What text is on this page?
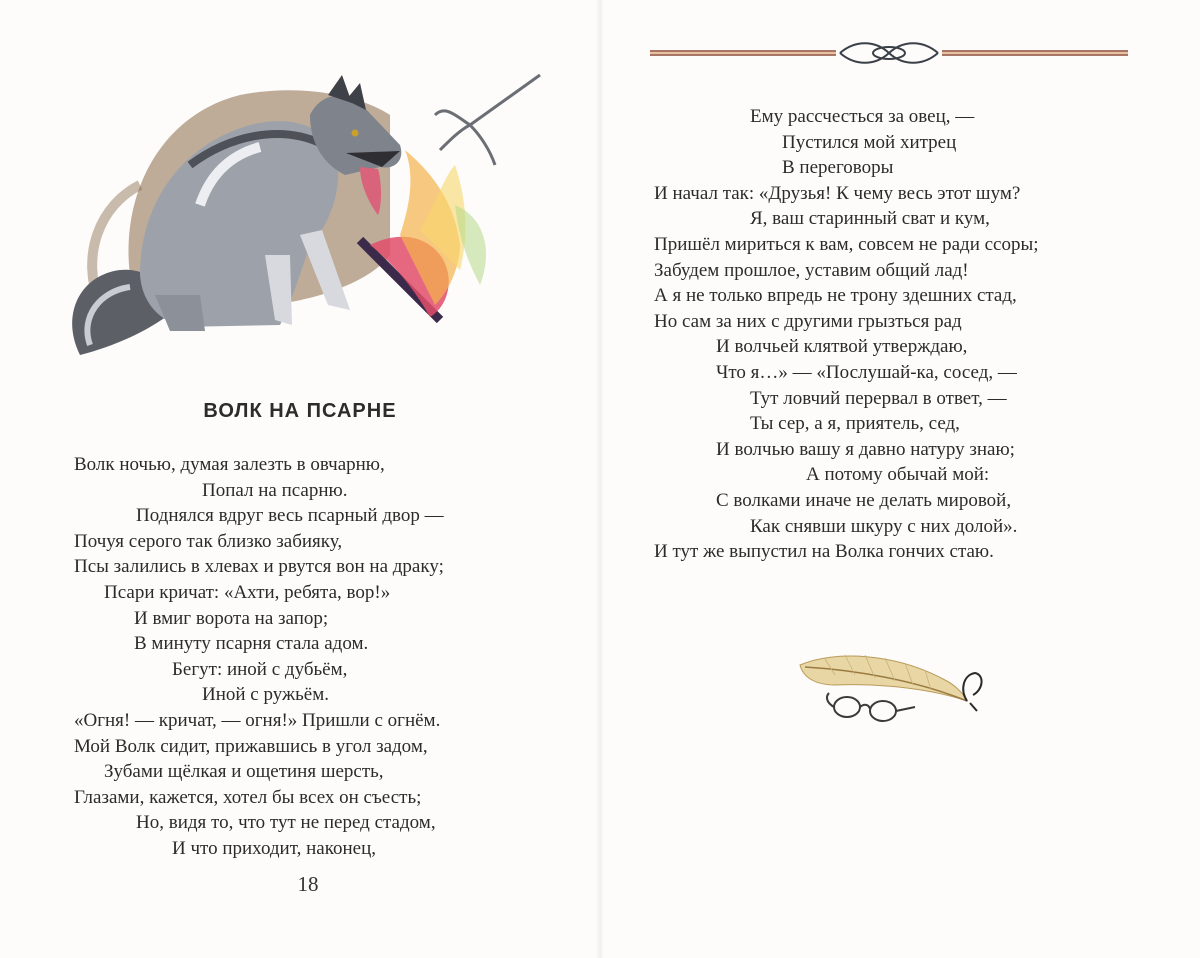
ВОЛК НА ПСАРНЕ
Волк ночью, думая залезть в овчарню,
Попал на псарню.
Поднялся вдруг весь псарный двор —
Почуя серого так близко забияку,
Псы залились в хлевах и рвутся вон на драку;
Псари кричат: «Ахти, ребята, вор!»
И вмиг ворота на запор;
В минуту псарня стала адом.
Бегут: иной с дубьём,
Иной с ружьём.
«Огня! — кричат, — огня!» Пришли с огнём.
Мой Волк сидит, прижавшись в угол задом,
Зубами щёлкая и ощетиня шерсть,
Глазами, кажется, хотел бы всех он съесть;
Но, видя то, что тут не перед стадом,
И что приходит, наконец,
18
Ему рассчесться за овец, —
Пустился мой хитрец
В переговоры
И начал так: «Друзья! К чему весь этот шум?
Я, ваш старинный сват и кум,
Пришёл мириться к вам, совсем не ради ссоры;
Забудем прошлое, уставим общий лад!
А я не только впредь не трону здешних стад,
Но сам за них с другими грызться рад
И волчьей клятвой утверждаю,
Что я…» — «Послушай-ка, сосед, —
Тут ловчий перервал в ответ, —
Ты сер, а я, приятель, сед,
И волчью вашу я давно натуру знаю;
А потому обычай мой:
С волками иначе не делать мировой,
Как снявши шкуру с них долой».
И тут же выпустил на Волка гончих стаю.
